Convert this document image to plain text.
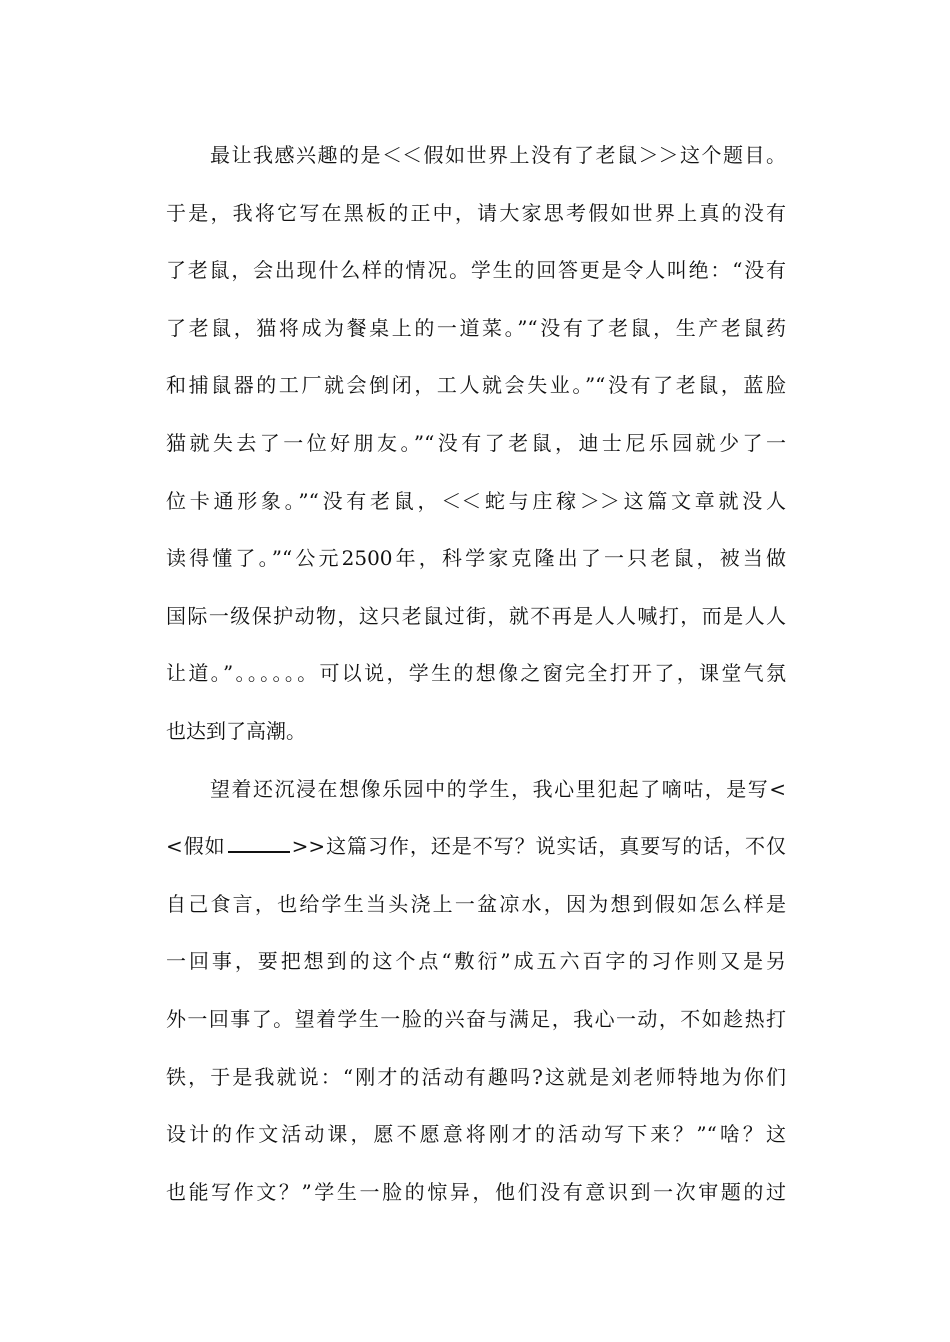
最让我感兴趣的是＜＜假如世界上没有了老鼠＞＞这个题目。
于是，我将它写在黑板的正中，请大家思考假如世界上真的没有
了老鼠，会出现什么样的情况。学生的回答更是令人叫绝：“没有
了老鼠，猫将成为餐桌上的一道菜。”“没有了老鼠，生产老鼠药
和捕鼠器的工厂就会倒闭，工人就会失业。”“没有了老鼠，蓝脸
猫就失去了一位好朋友。”“没有了老鼠，迪士尼乐园就少了一
位卡通形象。”“没有老鼠，＜＜蛇与庄稼＞＞这篇文章就没人
读得懂了。”“公元2500年，科学家克隆出了一只老鼠，被当做
国际一级保护动物，这只老鼠过街，就不再是人人喊打，而是人人
让道。”。。。。。。可以说，学生的想像之窗完全打开了，课堂气氛
也达到了高潮。
望着还沉浸在想像乐园中的学生，我心里犯起了嘀咕，是写<
<假如	>>这篇习作，还是不写？说实话，真要写的话，不仅
自己食言，也给学生当头浇上一盆凉水，因为想到假如怎么样是
一回事，要把想到的这个点“敷衍”成五六百字的习作则又是另
外一回事了。望着学生一脸的兴奋与满足，我心一动，不如趁热打
铁，于是我就说：“刚才的活动有趣吗?这就是刘老师特地为你们
设计的作文活动课，愿不愿意将刚才的活动写下来？”“啥？这
也能写作文？”学生一脸的惊异，他们没有意识到一次审题的过
